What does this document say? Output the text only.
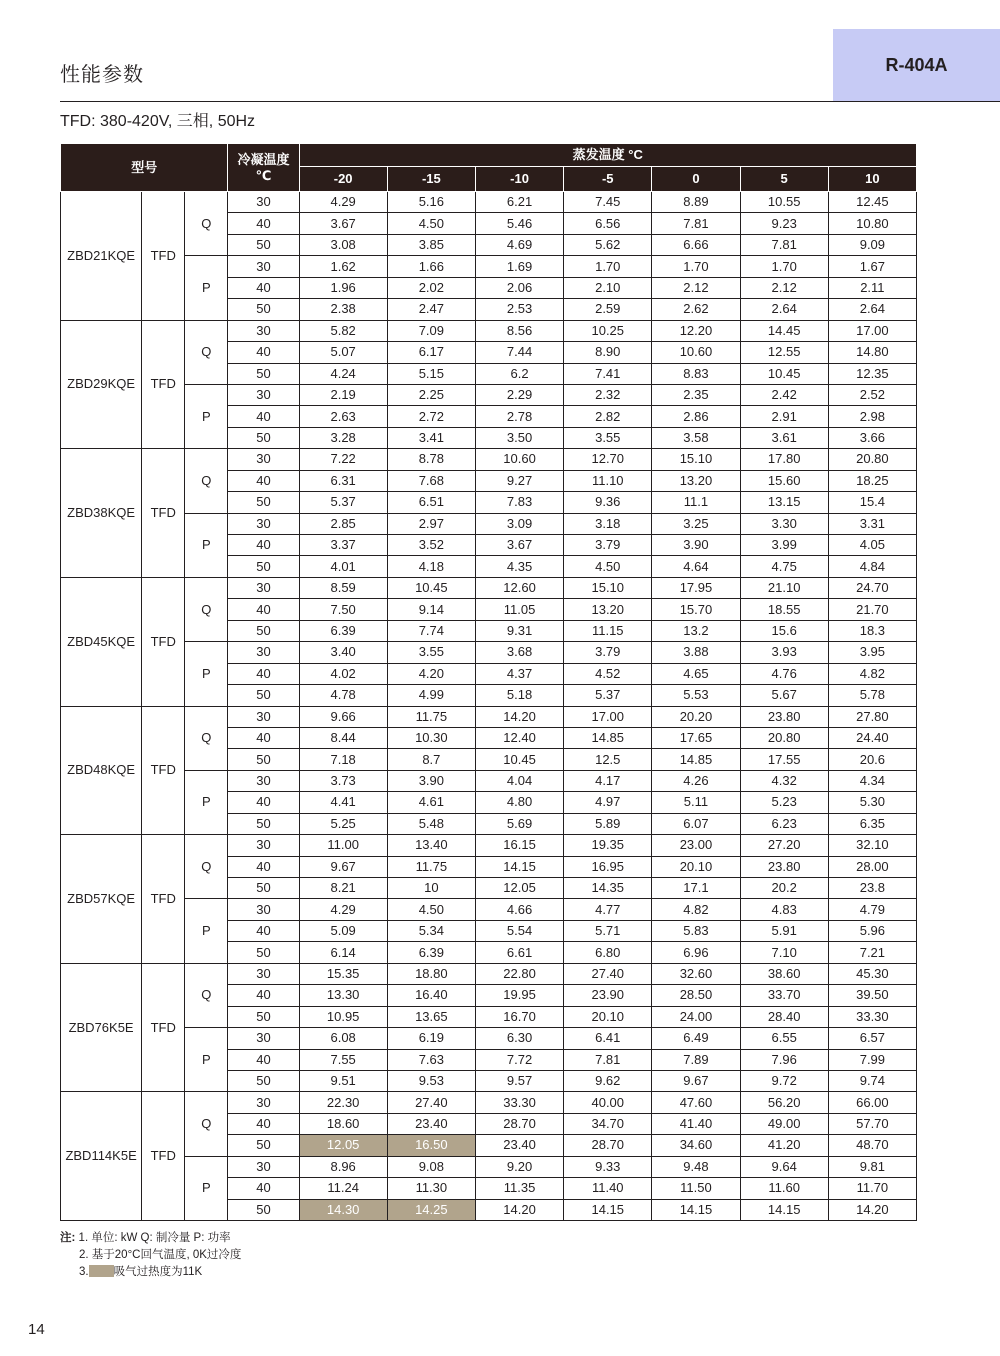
性能参数	R-404A
TFD: 380-420V, 三相, 50Hz
型号			冷凝温度
℃	蒸发温度 °C						
				-20	-15	-10	-5	0	5	10
ZBD21KQE	TFD	Q	30	4.29	5.16	6.21	7.45	8.89	10.55	12.45
			40	3.67	4.50	5.46	6.56	7.81	9.23	10.80
			50	3.08	3.85	4.69	5.62	6.66	7.81	9.09
		P	30	1.62	1.66	1.69	1.70	1.70	1.70	1.67
			40	1.96	2.02	2.06	2.10	2.12	2.12	2.11
			50	2.38	2.47	2.53	2.59	2.62	2.64	2.64
ZBD29KQE	TFD	Q	30	5.82	7.09	8.56	10.25	12.20	14.45	17.00
			40	5.07	6.17	7.44	8.90	10.60	12.55	14.80
			50	4.24	5.15	6.2	7.41	8.83	10.45	12.35
		P	30	2.19	2.25	2.29	2.32	2.35	2.42	2.52
			40	2.63	2.72	2.78	2.82	2.86	2.91	2.98
			50	3.28	3.41	3.50	3.55	3.58	3.61	3.66
ZBD38KQE	TFD	Q	30	7.22	8.78	10.60	12.70	15.10	17.80	20.80
			40	6.31	7.68	9.27	11.10	13.20	15.60	18.25
			50	5.37	6.51	7.83	9.36	11.1	13.15	15.4
		P	30	2.85	2.97	3.09	3.18	3.25	3.30	3.31
			40	3.37	3.52	3.67	3.79	3.90	3.99	4.05
			50	4.01	4.18	4.35	4.50	4.64	4.75	4.84
ZBD45KQE	TFD	Q	30	8.59	10.45	12.60	15.10	17.95	21.10	24.70
			40	7.50	9.14	11.05	13.20	15.70	18.55	21.70
			50	6.39	7.74	9.31	11.15	13.2	15.6	18.3
		P	30	3.40	3.55	3.68	3.79	3.88	3.93	3.95
			40	4.02	4.20	4.37	4.52	4.65	4.76	4.82
			50	4.78	4.99	5.18	5.37	5.53	5.67	5.78
ZBD48KQE	TFD	Q	30	9.66	11.75	14.20	17.00	20.20	23.80	27.80
			40	8.44	10.30	12.40	14.85	17.65	20.80	24.40
			50	7.18	8.7	10.45	12.5	14.85	17.55	20.6
		P	30	3.73	3.90	4.04	4.17	4.26	4.32	4.34
			40	4.41	4.61	4.80	4.97	5.11	5.23	5.30
			50	5.25	5.48	5.69	5.89	6.07	6.23	6.35
ZBD57KQE	TFD	Q	30	11.00	13.40	16.15	19.35	23.00	27.20	32.10
			40	9.67	11.75	14.15	16.95	20.10	23.80	28.00
			50	8.21	10	12.05	14.35	17.1	20.2	23.8
		P	30	4.29	4.50	4.66	4.77	4.82	4.83	4.79
			40	5.09	5.34	5.54	5.71	5.83	5.91	5.96
			50	6.14	6.39	6.61	6.80	6.96	7.10	7.21
ZBD76K5E	TFD	Q	30	15.35	18.80	22.80	27.40	32.60	38.60	45.30
			40	13.30	16.40	19.95	23.90	28.50	33.70	39.50
			50	10.95	13.65	16.70	20.10	24.00	28.40	33.30
		P	30	6.08	6.19	6.30	6.41	6.49	6.55	6.57
			40	7.55	7.63	7.72	7.81	7.89	7.96	7.99
			50	9.51	9.53	9.57	9.62	9.67	9.72	9.74
ZBD114K5E	TFD	Q	30	22.30	27.40	33.30	40.00	47.60	56.20	66.00
			40	18.60	23.40	28.70	34.70	41.40	49.00	57.70
			50	12.05	16.50	23.40	28.70	34.60	41.20	48.70
		P	30	8.96	9.08	9.20	9.33	9.48	9.64	9.81
			40	11.24	11.30	11.35	11.40	11.50	11.60	11.70
			50	14.30	14.25	14.20	14.15	14.15	14.15	14.20
注: 1. 单位: kW Q: 制冷量 P: 功率
2. 基于20°C回气温度, 0K过冷度
3. 吸气过热度为11K
14
